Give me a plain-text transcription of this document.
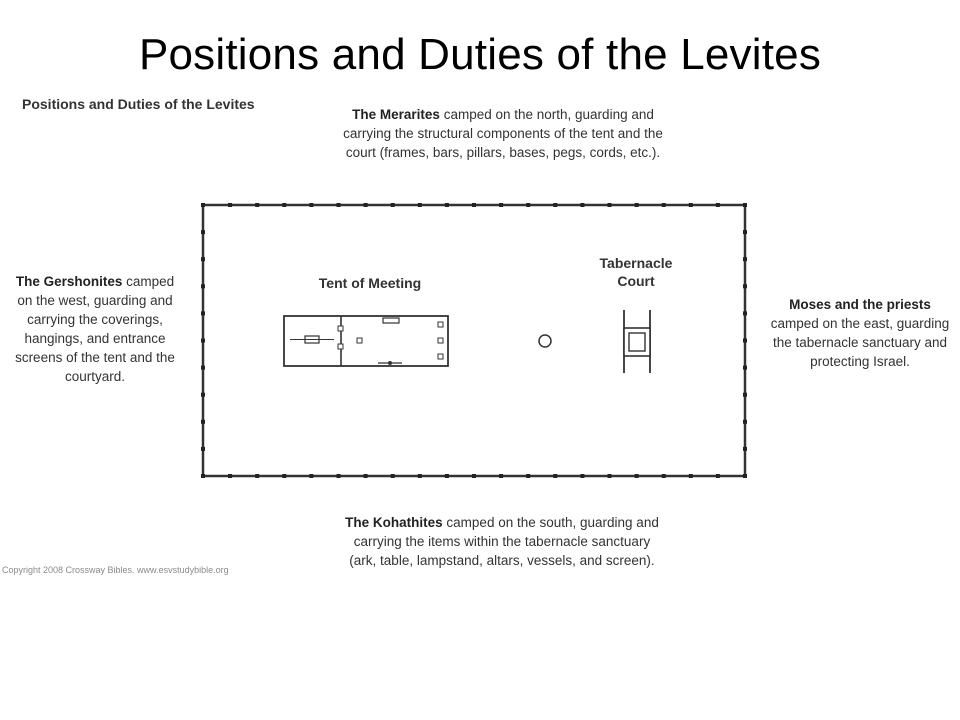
Positions and Duties of the Levites
Positions and Duties of the Levites
The Merarites camped on the north, guarding and
carrying the structural components of the tent and the
court (frames, bars, pillars, bases, pegs, cords, etc.).
The Gershonites camped
on the west, guarding and
carrying the coverings,
hangings, and entrance
screens of the tent and the
courtyard.
Moses and the priests
camped on the east, guarding
the tabernacle sanctuary and
protecting Israel.
The Kohathites camped on the south, guarding and
carrying the items within the tabernacle sanctuary
(ark, table, lampstand, altars, vessels, and screen).
Tent of Meeting
Tabernacle
Court
Copyright 2008 Crossway Bibles. www.esvstudybible.org
